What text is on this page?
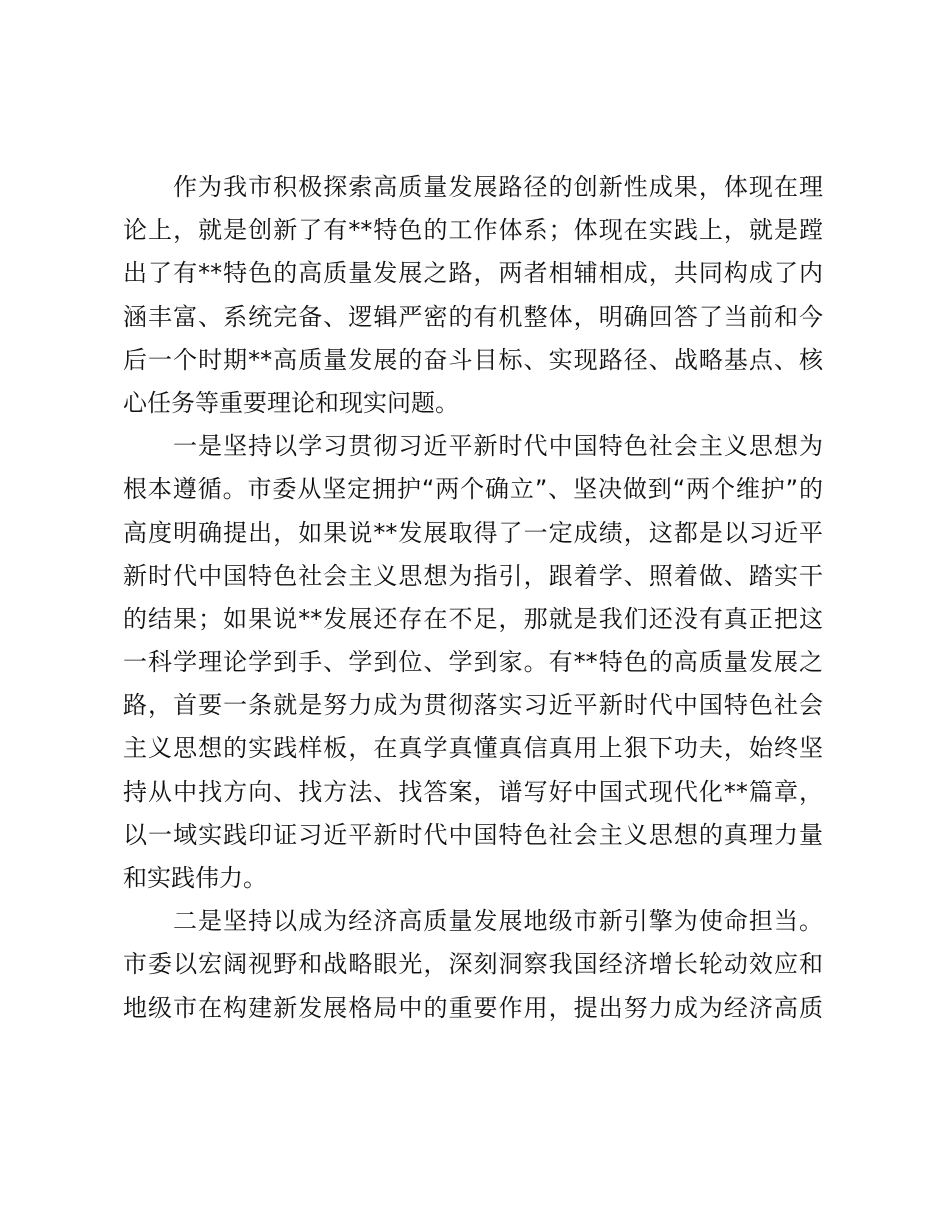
作为我市积极探索高质量发展路径的创新性成果，体现在理
论上，就是创新了有**特色的工作体系；体现在实践上，就是蹚
出了有**特色的高质量发展之路，两者相辅相成，共同构成了内
涵丰富、系统完备、逻辑严密的有机整体，明确回答了当前和今
后一个时期**高质量发展的奋斗目标、实现路径、战略基点、核
心任务等重要理论和现实问题。
一是坚持以学习贯彻习近平新时代中国特色社会主义思想为
根本遵循。市委从坚定拥护“两个确立”、坚决做到“两个维护”的
高度明确提出，如果说**发展取得了一定成绩，这都是以习近平
新时代中国特色社会主义思想为指引，跟着学、照着做、踏实干
的结果；如果说**发展还存在不足，那就是我们还没有真正把这
一科学理论学到手、学到位、学到家。有**特色的高质量发展之
路，首要一条就是努力成为贯彻落实习近平新时代中国特色社会
主义思想的实践样板，在真学真懂真信真用上狠下功夫，始终坚
持从中找方向、找方法、找答案，谱写好中国式现代化**篇章，
以一域实践印证习近平新时代中国特色社会主义思想的真理力量
和实践伟力。
二是坚持以成为经济高质量发展地级市新引擎为使命担当。
市委以宏阔视野和战略眼光，深刻洞察我国经济增长轮动效应和
地级市在构建新发展格局中的重要作用，提出努力成为经济高质
